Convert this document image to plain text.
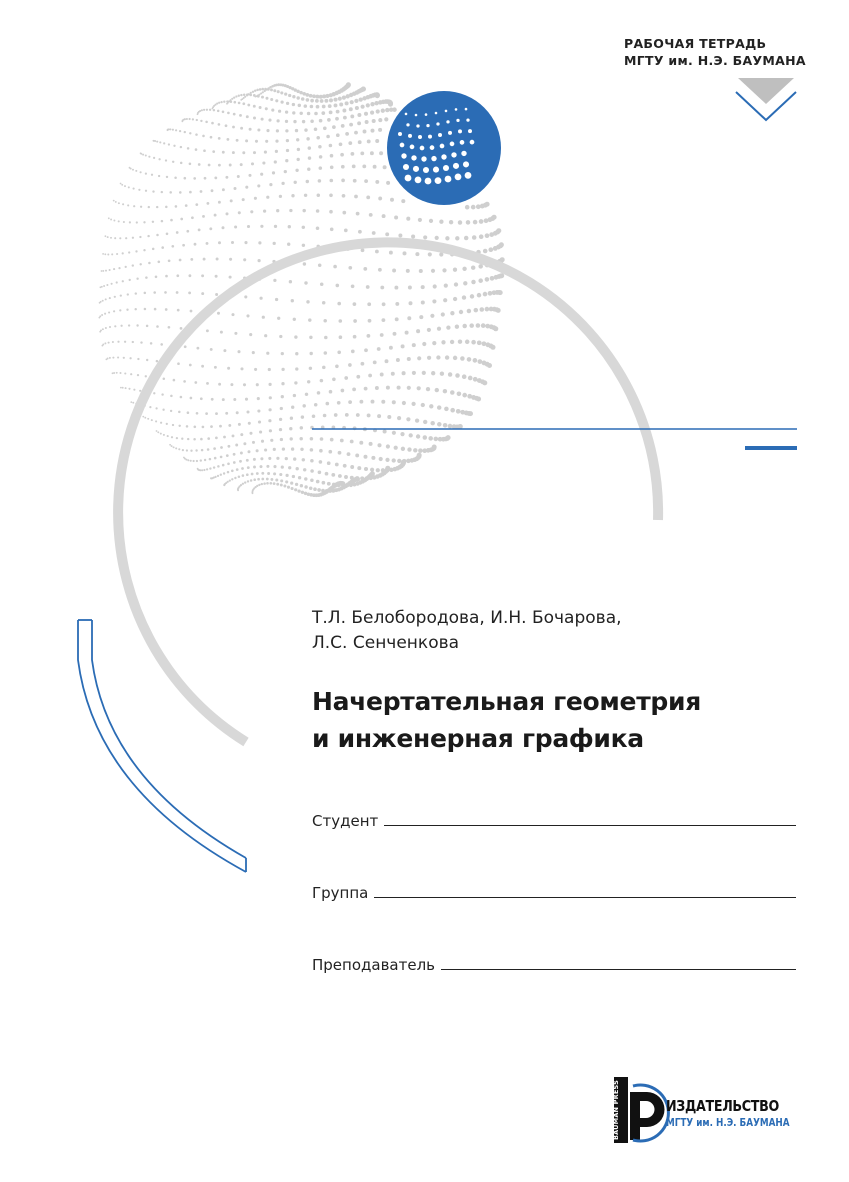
РАБОЧАЯ ТЕТРАДЬ
МГТУ им. Н.Э. БАУМАНА
Т.Л. Белобородова, И.Н. Бочарова,
Л.С. Сенченкова
Начертательная геометрия
и инженерная графика
Студент
Группа
Преподаватель
ИЗДАТЕЛЬСТВО
МГТУ им. Н.Э. БАУМАНА
BAUMAN PRESS
